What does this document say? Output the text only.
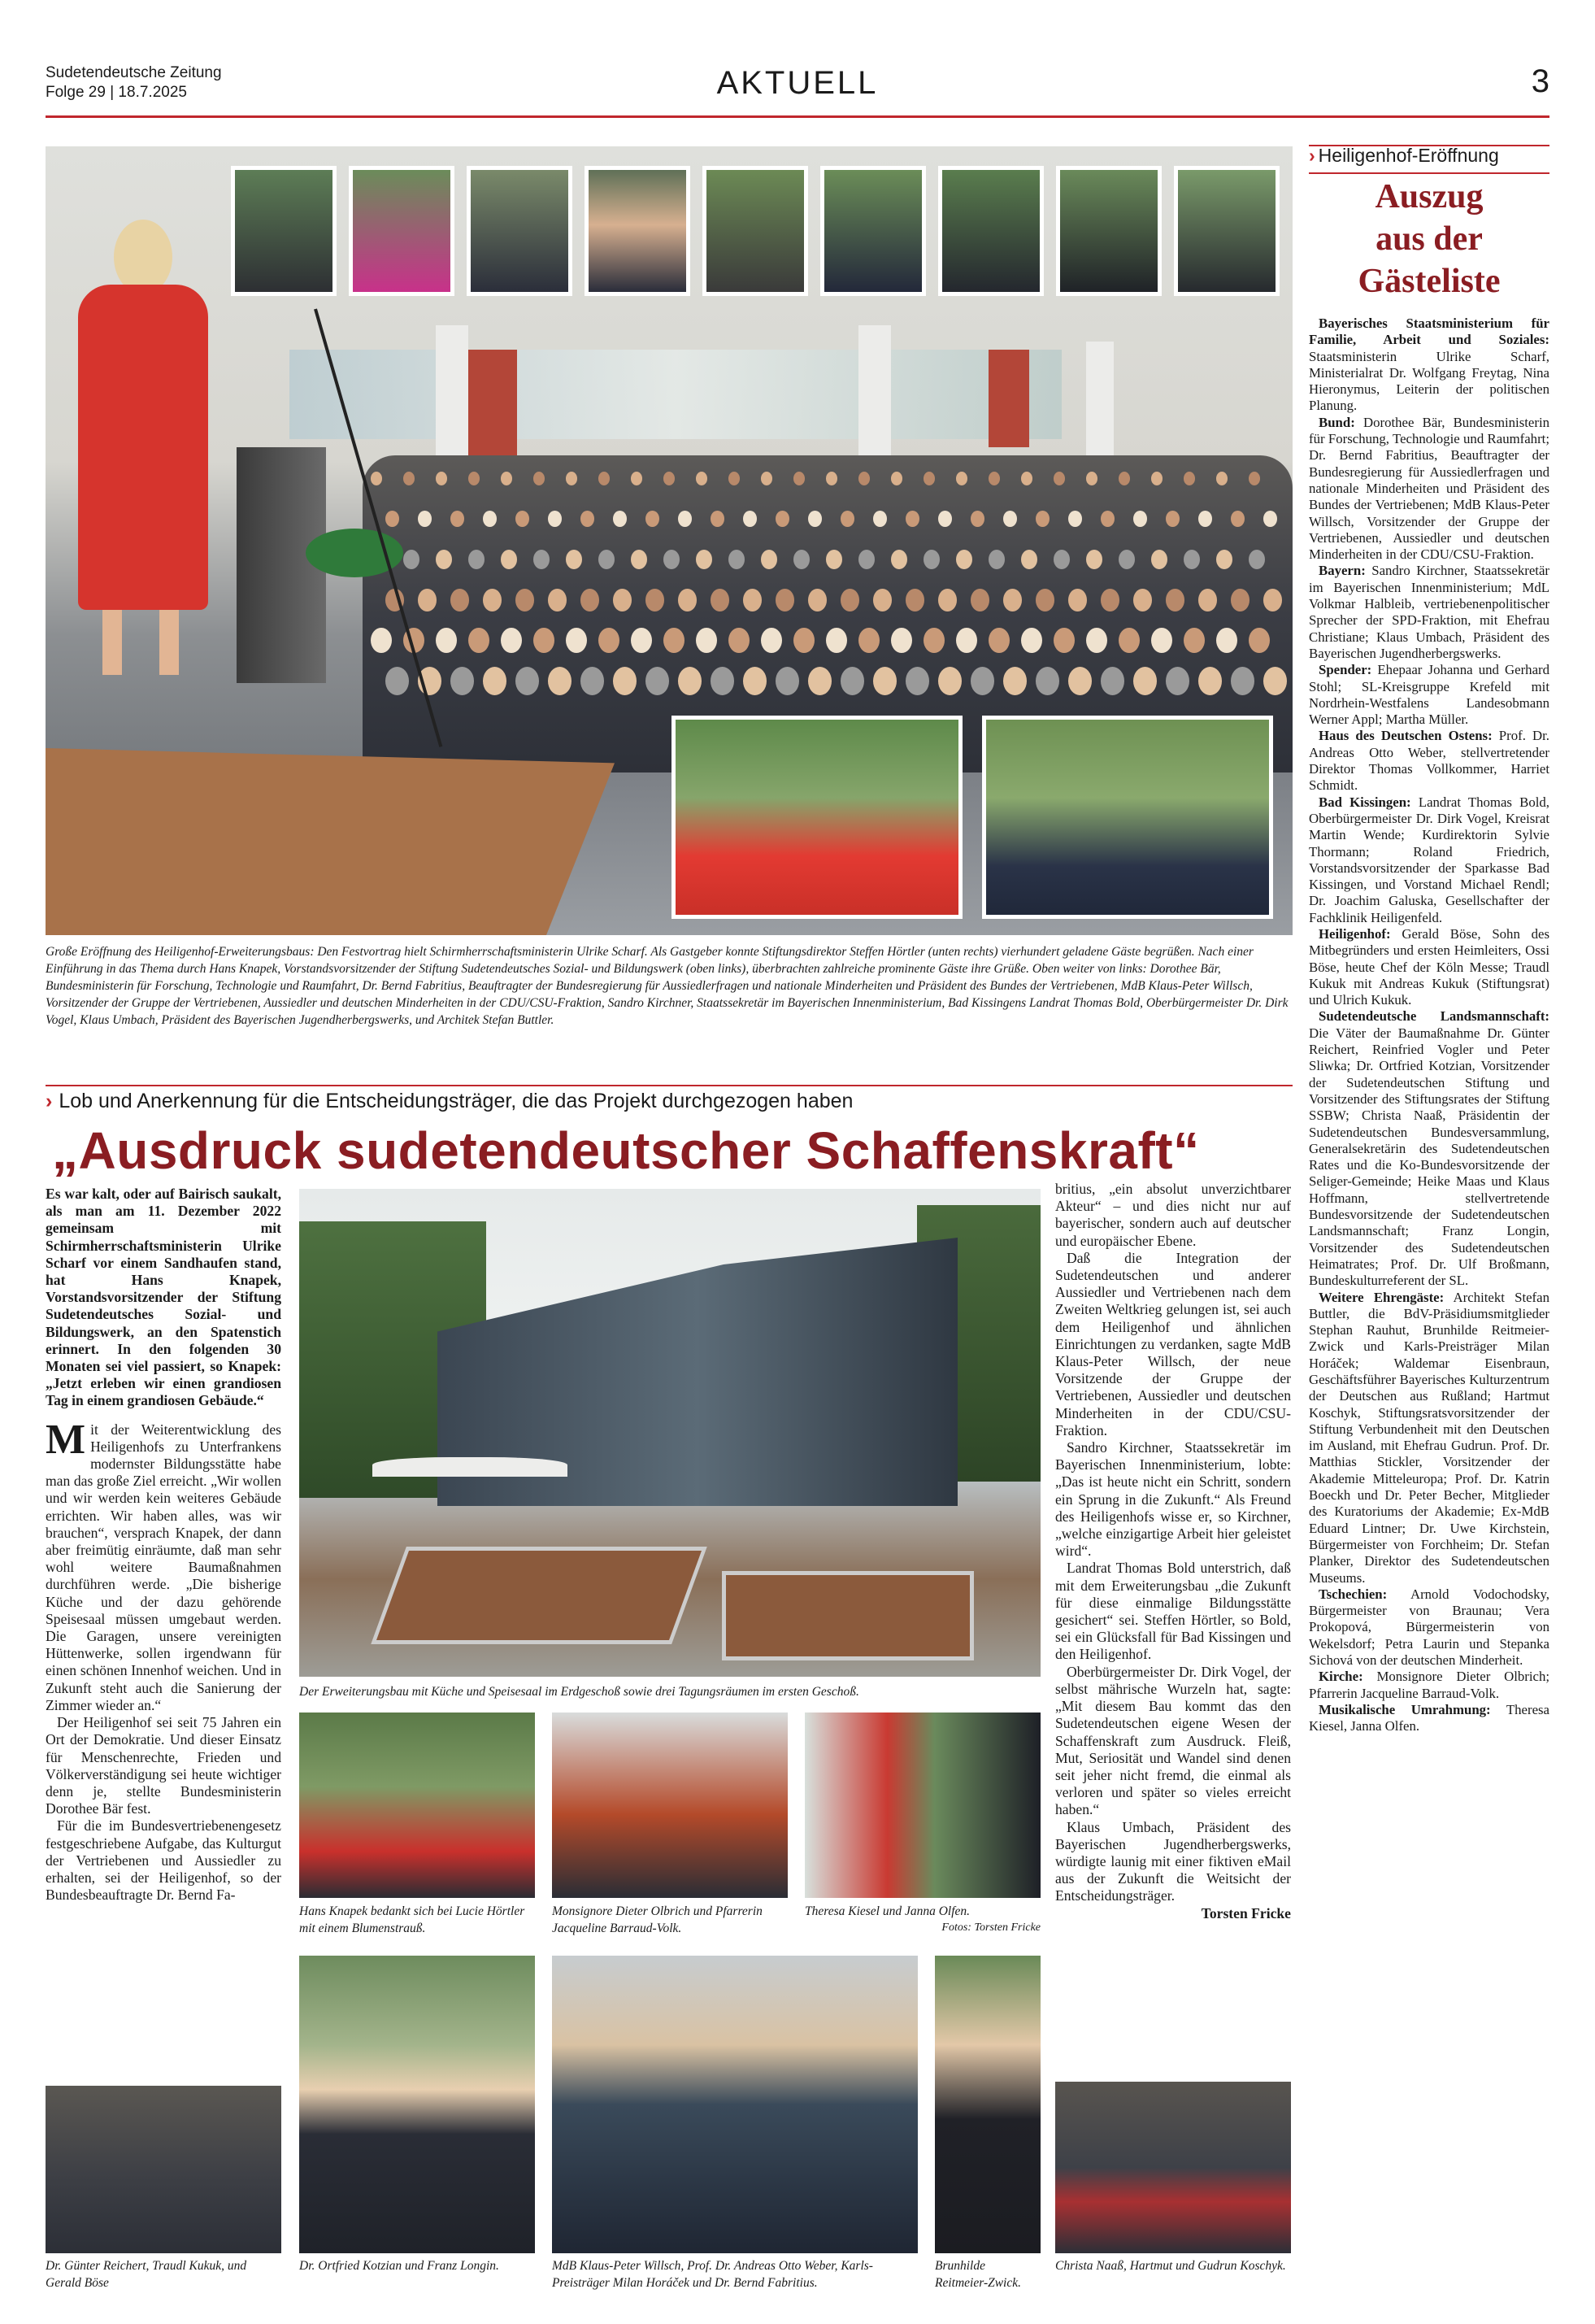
Sudetendeutsche Zeitung
Folge 29 | 18.7.2025	AKTUELL	3
Große Eröffnung des Heiligenhof-Erweiterungsbaus: Den Festvortrag hielt Schirmherrschaftsministerin Ulrike Scharf. Als Gastgeber konnte Stiftungsdirektor Steffen Hörtler (unten rechts) vierhundert geladene Gäste begrüßen. Nach einer Einführung in das Thema durch Hans Knapek, Vorstandsvorsitzender der Stiftung Sudetendeutsches Sozial- und Bildungswerk (oben links), überbrachten zahlreiche prominente Gäste ihre Grüße. Oben weiter von links: Dorothee Bär, Bundesministerin für Forschung, Technologie und Raumfahrt, Dr. Bernd Fabritius, Beauftragter der Bundesregierung für Aussiedlerfragen und nationale Minderheiten und Präsident des Bundes der Vertriebenen, MdB Klaus-Peter Willsch, Vorsitzender der Gruppe der Vertriebenen, Aussiedler und deutschen Minderheiten in der CDU/CSU-Fraktion, Sandro Kirchner, Staatssekretär im Bayerischen Innenministerium, Bad Kissingens Landrat Thomas Bold, Oberbürgermeister Dr. Dirk Vogel, Klaus Umbach, Präsident des Bayerischen Jugendherbergswerks, und Architek Stefan Buttler.
› Lob und Anerkennung für die Entscheidungsträger, die das Projekt durchgezogen haben
„Ausdruck sudetendeutscher Schaffenskraft“

Es war kalt, oder auf Bairisch saukalt, als man am 11. Dezember 2022 gemeinsam mit Schirmherrschaftsministerin Ulrike Scharf vor einem Sandhaufen stand, hat Hans Knapek, Vorstandsvorsitzender der Stiftung Sudetendeutsches Sozial- und Bildungswerk, an den Spatenstich erinnert. In den folgenden 30 Monaten sei viel passiert, so Knapek: „Jetzt erleben wir einen grandiosen Tag in einem grandiosen Gebäude.“

Mit der Weiterentwicklung des Heiligenhofs zu Unterfrankens modernster Bildungsstätte habe man das große Ziel erreicht. „Wir wollen und wir werden kein weiteres Gebäude errichten. Wir haben alles, was wir brauchen“, versprach Knapek, der dann aber freimütig einräumte, daß man sehr wohl weitere Baumaßnahmen durchführen werde. „Die bisherige Küche und der dazu gehörende Speisesaal müssen umgebaut werden. Die Garagen, unsere vereinigten Hüttenwerke, sollen irgendwann für einen schönen Innenhof weichen. Und in Zukunft steht auch die Sanierung der Zimmer wieder an.“

Der Heiligenhof sei seit 75 Jahren ein Ort der Demokratie. Und dieser Einsatz für Menschenrechte, Frieden und Völkerverständigung sei heute wichtiger denn je, stellte Bundesministerin Dorothee Bär fest.

Für die im Bundesvertriebenengesetz festgeschriebene Aufgabe, das Kulturgut der Vertriebenen und Aussiedler zu erhalten, sei der Heiligenhof, so der Bundesbeauftragte Dr. Bernd Fa-

Der Erweiterungsbau mit Küche und Speisesaal im Erdgeschoß sowie drei Tagungsräumen im ersten Geschoß.
Hans Knapek bedankt sich bei Lucie Hörtler mit einem Blumenstrauß.
Monsignore Dieter Olbrich und Pfarrerin Jacqueline Barraud-Volk.
Theresa Kiesel und Janna Olfen.
Fotos: Torsten Fricke

britius, „ein absolut unverzichtbarer Akteur“ – und dies nicht nur auf bayerischer, sondern auch auf deutscher und europäischer Ebene.

Daß die Integration der Sudetendeutschen und anderer Aussiedler und Vertriebenen nach dem Zweiten Weltkrieg gelungen ist, sei auch dem Heiligenhof und ähnlichen Einrichtungen zu verdanken, sagte MdB Klaus-Peter Willsch, der neue Vorsitzende der Gruppe der Vertriebenen, Aussiedler und deutschen Minderheiten in der CDU/CSU-Fraktion.

Sandro Kirchner, Staatssekretär im Bayerischen Innenministerium, lobte: „Das ist heute nicht ein Schritt, sondern ein Sprung in die Zukunft.“ Als Freund des Heiligenhofs wisse er, so Kirchner, „welche einzigartige Arbeit hier geleistet wird“.

Landrat Thomas Bold unterstrich, daß mit dem Erweiterungsbau „die Zukunft für diese einmalige Bildungsstätte gesichert“ sei. Steffen Hörtler, so Bold, sei ein Glücksfall für Bad Kissingen und den Heiligenhof.

Oberbürgermeister Dr. Dirk Vogel, der selbst mährische Wurzeln hat, sagte: „Mit diesem Bau kommt das den Sudetendeutschen eigene Wesen der Schaffenskraft zum Ausdruck. Fleiß, Mut, Seriosität und Wandel sind denen seit jeher nicht fremd, die einmal als verloren und später so vieles erreicht haben.“

Klaus Umbach, Präsident des Bayerischen Jugendherbergswerks, würdigte launig mit einer fiktiven eMail aus der Zukunft die Weitsicht der Entscheidungsträger.

Torsten Fricke

Dr. Günter Reichert, Traudl Kukuk, und Gerald Böse
Dr. Ortfried Kotzian und Franz Longin.	MdB Klaus-Peter Willsch, Prof. Dr. Andreas Otto Weber, Karls-Preisträger Milan Horáček und Dr. Bernd Fabritius.
Brunhilde Reitmeier-Zwick.
Christa Naaß, Hartmut und Gudrun Koschyk.
› Heiligenhof-Eröffnung
Auszug
aus der
Gästeliste

Bayerisches Staatsministerium für Familie, Arbeit und Soziales: Staatsministerin Ulrike Scharf, Ministerialrat Dr. Wolfgang Freytag, Nina Hieronymus, Leiterin der politischen Planung.

Bund: Dorothee Bär, Bundesministerin für Forschung, Technologie und Raumfahrt; Dr. Bernd Fabritius, Beauftragter der Bundesregierung für Aussiedlerfragen und nationale Minderheiten und Präsident des Bundes der Vertriebenen; MdB Klaus-Peter Willsch, Vorsitzender der Gruppe der Vertriebenen, Aussiedler und deutschen Minderheiten in der CDU/CSU-Fraktion.

Bayern: Sandro Kirchner, Staatssekretär im Bayerischen Innenministerium; MdL Volkmar Halbleib, vertriebenenpolitischer Sprecher der SPD-Fraktion, mit Ehefrau Christiane; Klaus Umbach, Präsident des Bayerischen Jugendherbergswerks.

Spender: Ehepaar Johanna und Gerhard Stohl; SL-Kreisgruppe Krefeld mit Nordrhein-Westfalens Landesobmann Werner Appl; Martha Müller.

Haus des Deutschen Ostens: Prof. Dr. Andreas Otto Weber, stellvertretender Direktor Thomas Vollkommer, Harriet Schmidt.

Bad Kissingen: Landrat Thomas Bold, Oberbürgermeister Dr. Dirk Vogel, Kreisrat Martin Wende; Kurdirektorin Sylvie Thormann; Roland Friedrich, Vorstandsvorsitzender der Sparkasse Bad Kissingen, und Vorstand Michael Rendl; Dr. Joachim Galuska, Gesellschafter der Fachklinik Heiligenfeld.

Heiligenhof: Gerald Böse, Sohn des Mitbegründers und ersten Heimleiters, Ossi Böse, heute Chef der Köln Messe; Traudl Kukuk mit Andreas Kukuk (Stiftungsrat) und Ulrich Kukuk.

Sudetendeutsche Landsmannschaft: Die Väter der Baumaßnahme Dr. Günter Reichert, Reinfried Vogler und Peter Sliwka; Dr. Ortfried Kotzian, Vorsitzender der Sudetendeutschen Stiftung und Vorsitzender des Stiftungsrates der Stiftung SSBW; Christa Naaß, Präsidentin der Sudetendeutschen Bundesversammlung, Generalsekretärin des Sudetendeutschen Rates und die Ko-Bundesvorsitzende der Seliger-Gemeinde; Heike Maas und Klaus Hoffmann, stellvertretende Bundesvorsitzende der Sudetendeutschen Landsmannschaft; Franz Longin, Vorsitzender des Sudetendeutschen Heimatrates; Prof. Dr. Ulf Broßmann, Bundeskulturreferent der SL.

Weitere Ehrengäste: Architekt Stefan Buttler, die BdV-Präsidiumsmitglieder Stephan Rauhut, Brunhilde Reitmeier-Zwick und Karls-Preisträger Milan Horáček; Waldemar Eisenbraun, Geschäftsführer Bayerisches Kulturzentrum der Deutschen aus Rußland; Hartmut Koschyk, Stiftungsratsvorsitzender der Stiftung Verbundenheit mit den Deutschen im Ausland, mit Ehefrau Gudrun. Prof. Dr. Matthias Stickler, Vorsitzender der Akademie Mitteleuropa; Prof. Dr. Katrin Boeckh und Dr. Peter Becher, Mitglieder des Kuratoriums der Akademie; Ex-MdB Eduard Lintner; Dr. Uwe Kirchstein, Bürgermeister von Forchheim; Dr. Stefan Planker, Direktor des Sudetendeutschen Museums.

Tschechien: Arnold Vodochodsky, Bürgermeister von Braunau; Vera Prokopová, Bürgermeisterin von Wekelsdorf; Petra Laurin und Stepanka Sichová von der deutschen Minderheit.

Kirche: Monsignore Dieter Olbrich; Pfarrerin Jacqueline Barraud-Volk.

Musikalische Umrahmung: Theresa Kiesel, Janna Olfen.
